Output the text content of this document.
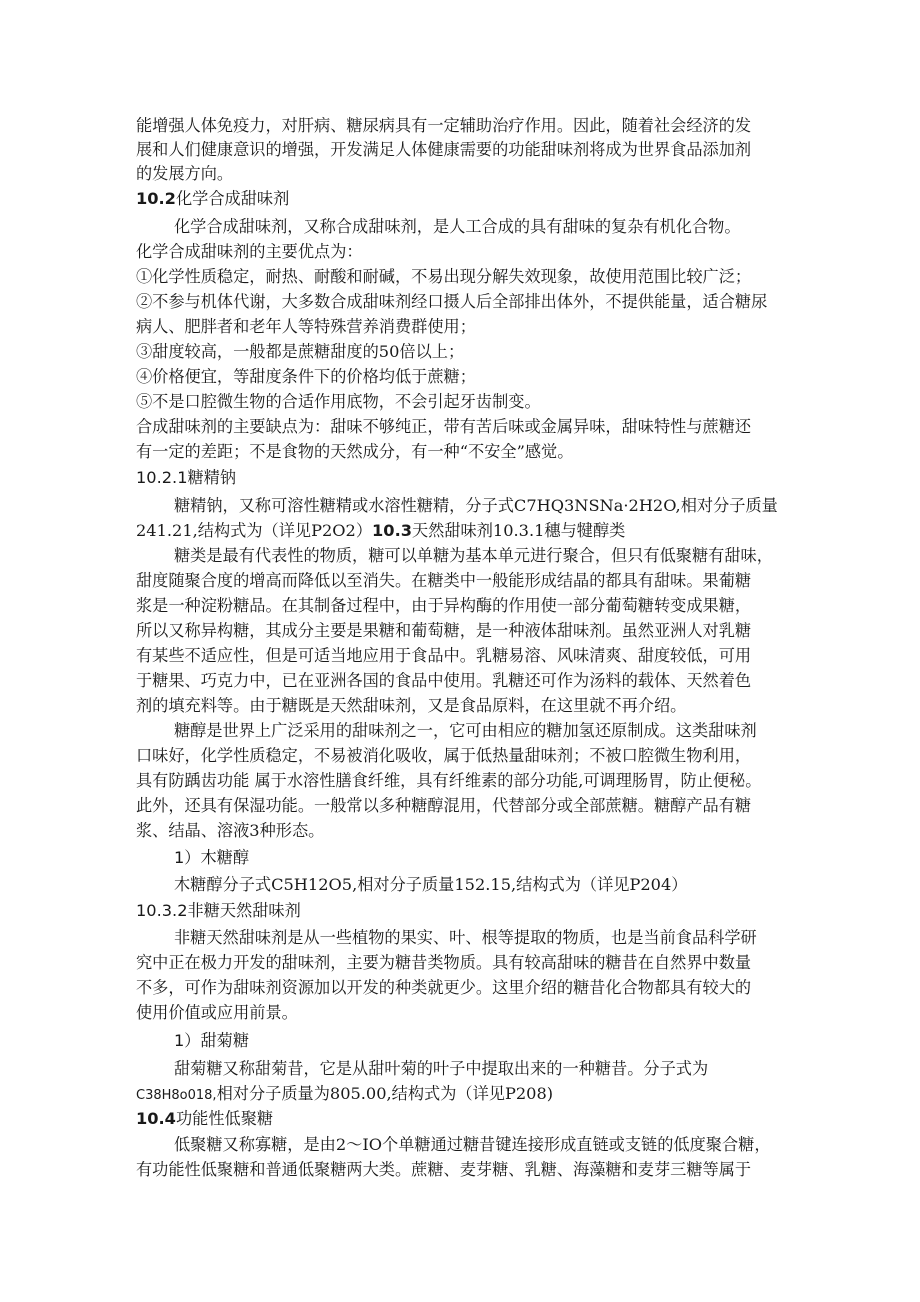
能增强人体免疫力，对肝病、糖尿病具有一定辅助治疗作用。因此，随着社会经济的发
展和人们健康意识的增强，开发满足人体健康需要的功能甜味剂将成为世界食品添加剂
的发展方向。
10.2化学合成甜味剂
化学合成甜味剂，又称合成甜味剂，是人工合成的具有甜味的复杂有机化合物。
化学合成甜味剂的主要优点为：
①化学性质稳定，耐热、耐酸和耐碱，不易出现分解失效现象，故使用范围比较广泛；
②不参与机体代谢，大多数合成甜味剂经口摄人后全部排出体外，不提供能量，适合糖尿
病人、肥胖者和老年人等特殊营养消费群使用；
③甜度较高，一般都是蔗糖甜度的50倍以上；
④价格便宜，等甜度条件下的价格均低于蔗糖；
⑤不是口腔微生物的合适作用底物，不会引起牙齿制变。
合成甜味剂的主要缺点为：甜味不够纯正，带有苦后味或金属异味，甜味特性与蔗糖还
有一定的差距；不是食物的天然成分，有一种“不安全”感觉。
10.2.1糖精钠
糖精钠，又称可溶性糖精或水溶性糖精，分子式C7HQ3NSNa·2H2O,相对分子质量
241.21,结构式为（详见P2O2）10.3天然甜味剂10.3.1穗与犍醇类
糖类是最有代表性的物质，糖可以单糖为基本单元进行聚合，但只有低聚糖有甜味，
甜度随聚合度的增高而降低以至消失。在糖类中一般能形成结晶的都具有甜味。果葡糖
浆是一种淀粉糖品。在其制备过程中，由于异构酶的作用使一部分葡萄糖转变成果糖，
所以又称异构糖，其成分主要是果糖和葡萄糖，是一种液体甜味剂。虽然亚洲人对乳糖
有某些不适应性，但是可适当地应用于食品中。乳糖易溶、风味清爽、甜度较低，可用
于糖果、巧克力中，已在亚洲各国的食品中使用。乳糖还可作为汤料的载体、天然着色
剂的填充料等。由于糖既是天然甜味剂，又是食品原料，在这里就不再介绍。
糖醇是世界上广泛采用的甜味剂之一，它可由相应的糖加氢还原制成。这类甜味剂
口味好，化学性质稳定，不易被消化吸收，属于低热量甜味剂；不被口腔微生物利用，
具有防踽齿功能 属于水溶性膳食纤维，具有纤维素的部分功能,可调理肠胃，防止便秘。
此外，还具有保湿功能。一般常以多种糖醇混用，代替部分或全部蔗糖。糖醇产品有糖
浆、结晶、溶液3种形态。
1）木糖醇
木糖醇分子式C5H12O5,相对分子质量152.15,结构式为（详见P204）
10.3.2非糖天然甜味剂
非糖天然甜味剂是从一些植物的果实、叶、根等提取的物质，也是当前食品科学研
究中正在极力开发的甜味剂，主要为糖昔类物质。具有较高甜味的糖昔在自然界中数量
不多，可作为甜味剂资源加以开发的种类就更少。这里介绍的糖昔化合物都具有较大的
使用价值或应用前景。
1）甜菊糖
甜菊糖又称甜菊昔，它是从甜叶菊的叶子中提取出来的一种糖昔。分子式为
C38H8o018,相对分子质量为805.00,结构式为（详见P208)
10.4功能性低聚糖
低聚糖又称寡糖，是由2～IO个单糖通过糖昔键连接形成直链或支链的低度聚合糖，
有功能性低聚糖和普通低聚糖两大类。蔗糖、麦芽糖、乳糖、海藻糖和麦芽三糖等属于
